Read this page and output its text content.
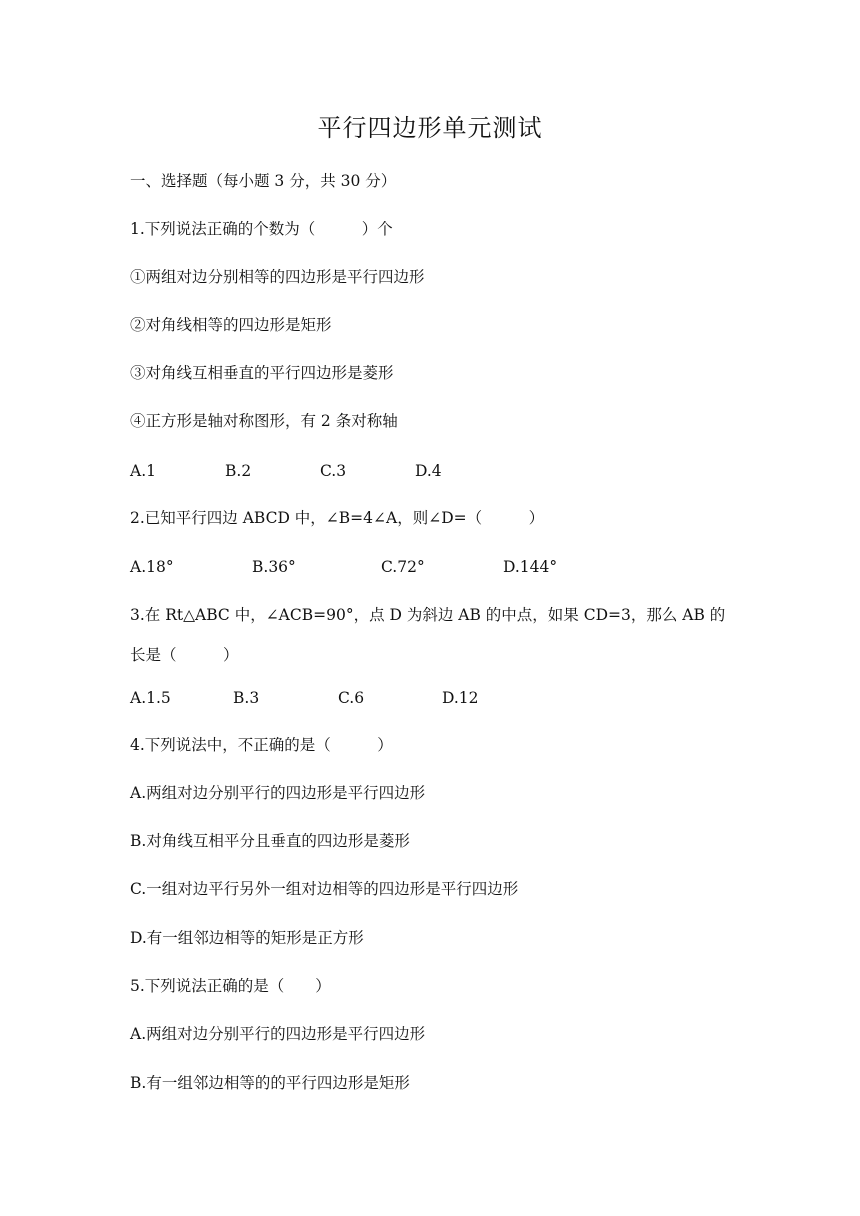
平行四边形单元测试
一、选择题（每小题 3 分，共 30 分）
1.下列说法正确的个数为（　　　）个
①两组对边分别相等的四边形是平行四边形
②对角线相等的四边形是矩形
③对角线互相垂直的平行四边形是菱形
④正方形是轴对称图形，有 2 条对称轴
A.1	B.2	C.3	D.4
2.已知平行四边 ABCD 中，∠B=4∠A，则∠D=（　　　）
A.18°	B.36°	C.72°	D.144°
3.在 Rt△ABC 中，∠ACB=90°，点 D 为斜边 AB 的中点，如果 CD=3，那么 AB 的长是（　　　）
A.1.5	B.3	C.6	D.12
4.下列说法中，不正确的是（　　　）
A.两组对边分别平行的四边形是平行四边形
B.对角线互相平分且垂直的四边形是菱形
C.一组对边平行另外一组对边相等的四边形是平行四边形
D.有一组邻边相等的矩形是正方形
5.下列说法正确的是（　　）
A.两组对边分别平行的四边形是平行四边形
B.有一组邻边相等的的平行四边形是矩形
